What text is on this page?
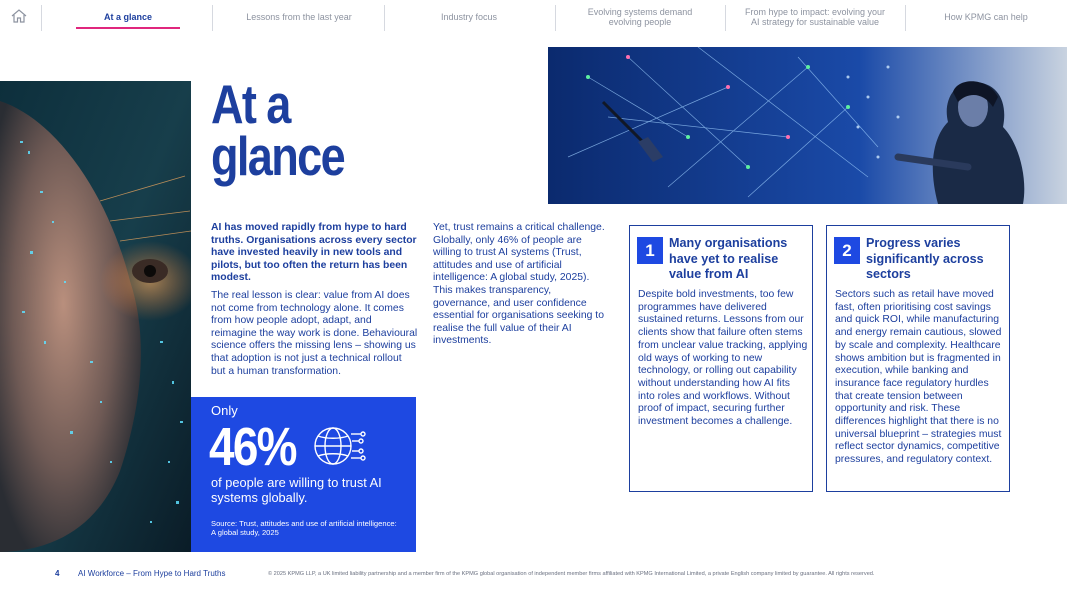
At a glance	Lessons from the last year	Industry focus	Evolving systems demand evolving people
From hype to impact: evolving your AI strategy for sustainable value	How KPMG can help
At a glance

AI has moved rapidly from hype to hard truths. Organisations across every sector have invested heavily in new tools and pilots, but too often the return has been modest.

The real lesson is clear: value from AI does not come from technology alone. It comes from how people adopt, adapt, and reimagine the way work is done. Behavioural science offers the missing lens – showing us that adoption is not just a technical rollout but a human transformation.

Yet, trust remains a critical challenge. Globally, only 46% of people are willing to trust AI systems (Trust, attitudes and use of artificial intelligence: A global study, 2025). This makes transparency, governance, and user confidence essential for organisations seeking to realise the full value of their AI investments.

Only
46%
of people are willing to trust AI systems globally.
Source: Trust, attitudes and use of artificial intelligence: A global study, 2025
1	Many organisations have yet to realise value from AI
Despite bold investments, too few programmes have delivered sustained returns. Lessons from our clients show that failure often stems from unclear value tracking, applying old ways of working to new technology, or rolling out capability without understanding how AI fits into roles and workflows. Without proof of impact, securing further investment becomes a challenge.
2	Progress varies significantly across sectors
Sectors such as retail have moved fast, often prioritising cost savings and quick ROI, while manufacturing and energy remain cautious, slowed by scale and complexity. Healthcare shows ambition but is fragmented in execution, while banking and insurance face regulatory hurdles that create tension between opportunity and risk. These differences highlight that there is no universal blueprint – strategies must reflect sector dynamics, competitive pressures, and regulatory context.
4 AI Workforce – From Hype to Hard Truths	© 2025 KPMG LLP, a UK limited liability partnership and a member firm of the KPMG global organisation of independent member firms affiliated with KPMG International Limited, a private English company limited by guarantee. All rights reserved.
